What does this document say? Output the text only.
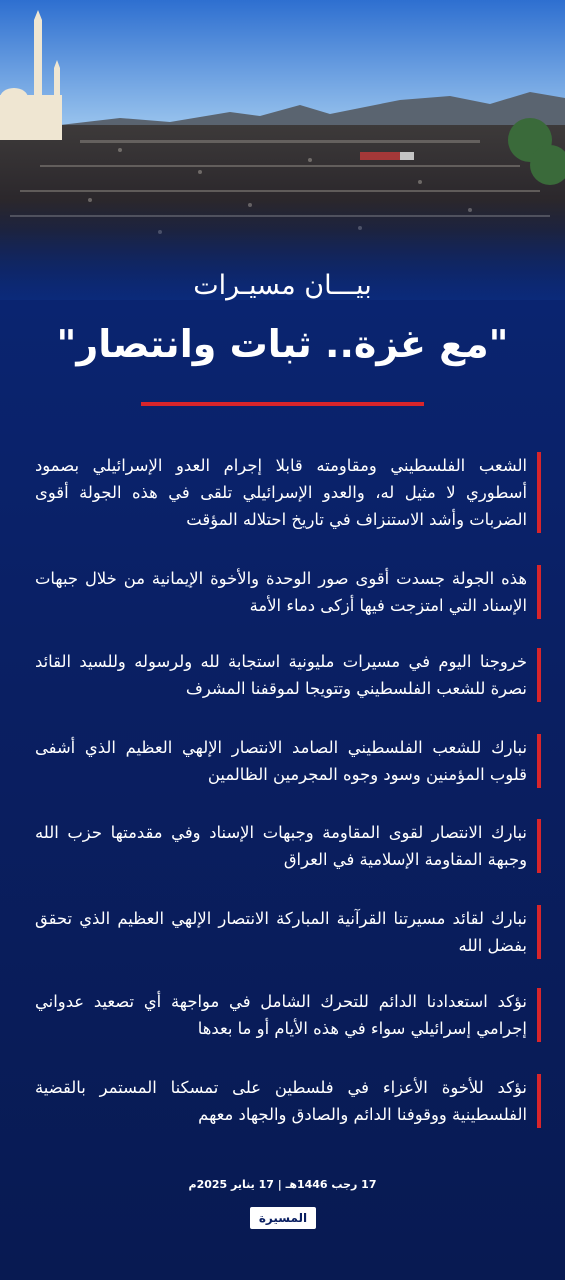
بيـــان مسيـرات
"مع غزة.. ثبات وانتصار"
الشعب الفلسطيني ومقاومته قابلا إجرام العدو الإسرائيلي بصمود أسطوري لا مثيل له، والعدو الإسرائيلي تلقى في هذه الجولة أقوى الضربات وأشد الاستنزاف في تاريخ احتلاله المؤقت
هذه الجولة جسدت أقوى صور الوحدة والأخوة الإيمانية من خلال جبهات الإسناد التي امتزجت فيها أزكى دماء الأمة
خروجنا اليوم في مسيرات مليونية استجابة لله ولرسوله وللسيد القائد نصرة للشعب الفلسطيني وتتويجا لموقفنا المشرف
نبارك للشعب الفلسطيني الصامد الانتصار الإلهي العظيم الذي أشفى قلوب المؤمنين وسود وجوه المجرمين الظالمين
نبارك الانتصار لقوى المقاومة وجبهات الإسناد وفي مقدمتها حزب الله وجبهة المقاومة الإسلامية في العراق
نبارك لقائد مسيرتنا القرآنية المباركة الانتصار الإلهي العظيم الذي تحقق بفضل الله
نؤكد استعدادنا الدائم للتحرك الشامل في مواجهة أي تصعيد عدواني إجرامي إسرائيلي سواء في هذه الأيام أو ما بعدها
نؤكد للأخوة الأعزاء في فلسطين على تمسكنا المستمر بالقضية الفلسطينية ووقوفنا الدائم والصادق والجهاد معهم
17 رجب 1446هـ | 17 يناير 2025م
المسيرة
